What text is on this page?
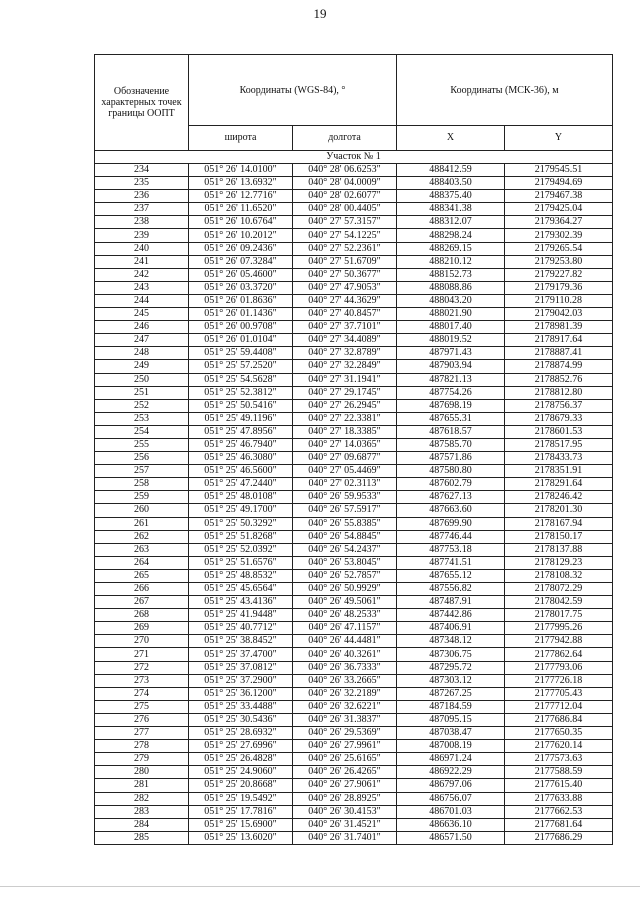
19
Обозначение характерных точек границы ООПТ	Координаты (WGS-84), °		Координаты (МСК-36), м	
	широта	долгота	X	Y
Участок № 1				
234	051° 26' 14.0100"	040° 28' 06.6253"	488412.59	2179545.51
235	051° 26' 13.6932"	040° 28' 04.0009"	488403.50	2179494.69
236	051° 26' 12.7716"	040° 28' 02.6077"	488375.40	2179467.38
237	051° 26' 11.6520"	040° 28' 00.4405"	488341.38	2179425.04
238	051° 26' 10.6764"	040° 27' 57.3157"	488312.07	2179364.27
239	051° 26' 10.2012"	040° 27' 54.1225"	488298.24	2179302.39
240	051° 26' 09.2436"	040° 27' 52.2361"	488269.15	2179265.54
241	051° 26' 07.3284"	040° 27' 51.6709"	488210.12	2179253.80
242	051° 26' 05.4600"	040° 27' 50.3677"	488152.73	2179227.82
243	051° 26' 03.3720"	040° 27' 47.9053"	488088.86	2179179.36
244	051° 26' 01.8636"	040° 27' 44.3629"	488043.20	2179110.28
245	051° 26' 01.1436"	040° 27' 40.8457"	488021.90	2179042.03
246	051° 26' 00.9708"	040° 27' 37.7101"	488017.40	2178981.39
247	051° 26' 01.0104"	040° 27' 34.4089"	488019.52	2178917.64
248	051° 25' 59.4408"	040° 27' 32.8789"	487971.43	2178887.41
249	051° 25' 57.2520"	040° 27' 32.2849"	487903.94	2178874.99
250	051° 25' 54.5628"	040° 27' 31.1941"	487821.13	2178852.76
251	051° 25' 52.3812"	040° 27' 29.1745"	487754.26	2178812.80
252	051° 25' 50.5416"	040° 27' 26.2945"	487698.19	2178756.37
253	051° 25' 49.1196"	040° 27' 22.3381"	487655.31	2178679.33
254	051° 25' 47.8956"	040° 27' 18.3385"	487618.57	2178601.53
255	051° 25' 46.7940"	040° 27' 14.0365"	487585.70	2178517.95
256	051° 25' 46.3080"	040° 27' 09.6877"	487571.86	2178433.73
257	051° 25' 46.5600"	040° 27' 05.4469"	487580.80	2178351.91
258	051° 25' 47.2440"	040° 27' 02.3113"	487602.79	2178291.64
259	051° 25' 48.0108"	040° 26' 59.9533"	487627.13	2178246.42
260	051° 25' 49.1700"	040° 26' 57.5917"	487663.60	2178201.30
261	051° 25' 50.3292"	040° 26' 55.8385"	487699.90	2178167.94
262	051° 25' 51.8268"	040° 26' 54.8845"	487746.44	2178150.17
263	051° 25' 52.0392"	040° 26' 54.2437"	487753.18	2178137.88
264	051° 25' 51.6576"	040° 26' 53.8045"	487741.51	2178129.23
265	051° 25' 48.8532"	040° 26' 52.7857"	487655.12	2178108.32
266	051° 25' 45.6564"	040° 26' 50.9929"	487556.82	2178072.29
267	051° 25' 43.4136"	040° 26' 49.5061"	487487.91	2178042.59
268	051° 25' 41.9448"	040° 26' 48.2533"	487442.86	2178017.75
269	051° 25' 40.7712"	040° 26' 47.1157"	487406.91	2177995.26
270	051° 25' 38.8452"	040° 26' 44.4481"	487348.12	2177942.88
271	051° 25' 37.4700"	040° 26' 40.3261"	487306.75	2177862.64
272	051° 25' 37.0812"	040° 26' 36.7333"	487295.72	2177793.06
273	051° 25' 37.2900"	040° 26' 33.2665"	487303.12	2177726.18
274	051° 25' 36.1200"	040° 26' 32.2189"	487267.25	2177705.43
275	051° 25' 33.4488"	040° 26' 32.6221"	487184.59	2177712.04
276	051° 25' 30.5436"	040° 26' 31.3837"	487095.15	2177686.84
277	051° 25' 28.6932"	040° 26' 29.5369"	487038.47	2177650.35
278	051° 25' 27.6996"	040° 26' 27.9961"	487008.19	2177620.14
279	051° 25' 26.4828"	040° 26' 25.6165"	486971.24	2177573.63
280	051° 25' 24.9060"	040° 26' 26.4265"	486922.29	2177588.59
281	051° 25' 20.8668"	040° 26' 27.9061"	486797.06	2177615.40
282	051° 25' 19.5492"	040° 26' 28.8925"	486756.07	2177633.88
283	051° 25' 17.7816"	040° 26' 30.4153"	486701.03	2177662.53
284	051° 25' 15.6900"	040° 26' 31.4521"	486636.10	2177681.64
285	051° 25' 13.6020"	040° 26' 31.7401"	486571.50	2177686.29
